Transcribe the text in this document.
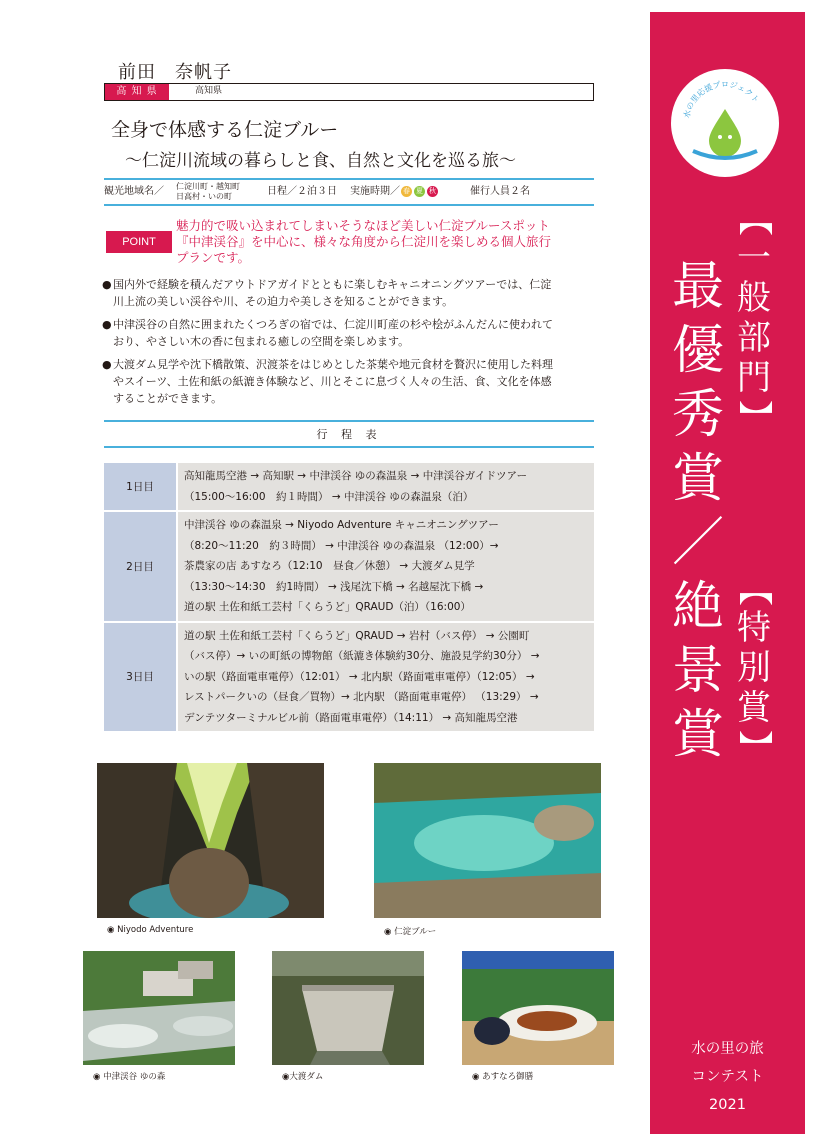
前田　奈帆子
高 知 県	高知県
全身で体感する仁淀ブルー
〜仁淀川流域の暮らしと食、自然と文化を巡る旅〜
観光地域名／ 仁淀川町・越知町
日高村・いの町	日程／２泊３日 実施時期／ 春 夏 秋	催行人員２名
POINT
魅力的で吸い込まれてしまいそうなほど美しい仁淀ブルースポット
『中津渓谷』を中心に、様々な角度から仁淀川を楽しめる個人旅行
プランです。
● 国内外で経験を積んだアウトドアガイドとともに楽しむキャニオニングツアーでは、仁淀
川上流の美しい渓谷や川、その迫力や美しさを知ることができます。
● 中津渓谷の自然に囲まれたくつろぎの宿では、仁淀川町産の杉や桧がふんだんに使われて
おり、やさしい木の香に包まれる癒しの空間を楽しめます。
● 大渡ダム見学や沈下橋散策、沢渡茶をはじめとした茶葉や地元食材を贅沢に使用した料理
やスイーツ、土佐和紙の紙漉き体験など、川とそこに息づく人々の生活、食、文化を体感
することができます。
行 程 表
1日目	高知龍馬空港 → 高知駅 → 中津渓谷 ゆの森温泉 → 中津渓谷ガイドツアー
（15:00〜16:00　約１時間） → 中津渓谷 ゆの森温泉（泊）

2日目	中津渓谷 ゆの森温泉 → Niyodo Adventure キャニオニングツアー
（8:20〜11:20　約３時間） → 中津渓谷 ゆの森温泉 （12:00）→
茶農家の店 あすなろ（12:10　昼食／休憩） → 大渡ダム見学
（13:30〜14:30　約1時間） → 浅尾沈下橋 → 名越屋沈下橋 →
道の駅 土佐和紙工芸村「くらうど」QRAUD（泊）（16:00）

3日目	道の駅 土佐和紙工芸村「くらうど」QRAUD → 岩村（バス停） → 公園町
（バス停）→ いの町紙の博物館（紙漉き体験約30分、施設見学約30分） →
いの駅（路面電車電停）（12:01） → 北内駅（路面電車電停）（12:05） →
レストパークいの（昼食／買物）→ 北内駅 （路面電車電停） （13:29） →
デンテツターミナルビル前（路面電車電停）（14:11） → 高知龍馬空港
◉ Niyodo Adventure	◉ 仁淀ブルー
◉ 中津渓谷 ゆの森	◉大渡ダム	◉ あすなろ御膳
水の里応援プロジェクト
【
一
般
部
門
】
最
優
秀
賞
／
絶
景
賞
【
特
別
賞
】
水の里の旅
コンテスト
2021
